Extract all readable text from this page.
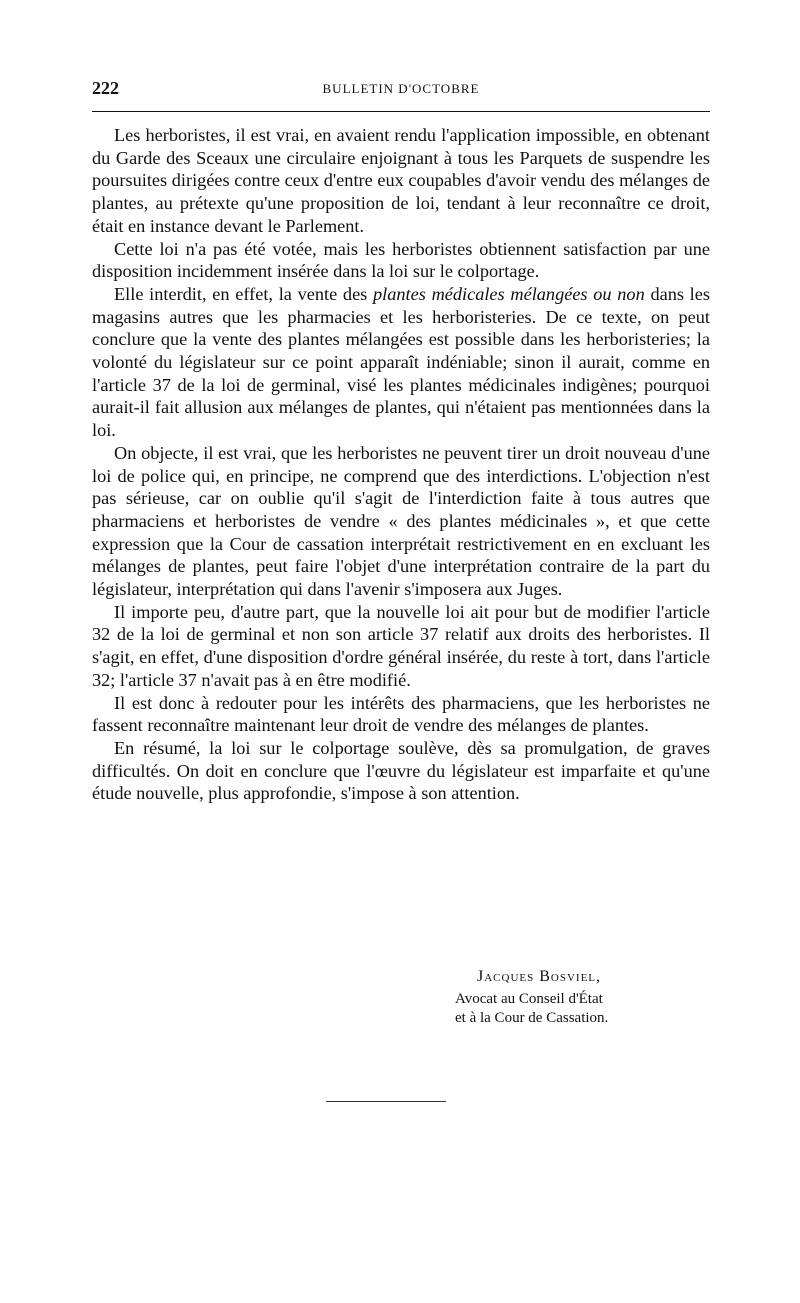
222	BULLETIN D'OCTOBRE

Les herboristes, il est vrai, en avaient rendu l'application impossible, en obtenant du Garde des Sceaux une circulaire enjoignant à tous les Parquets de suspendre les poursuites dirigées contre ceux d'entre eux coupables d'avoir vendu des mélanges de plantes, au prétexte qu'une proposition de loi, tendant à leur reconnaître ce droit, était en instance devant le Parlement.

Cette loi n'a pas été votée, mais les herboristes obtiennent satisfaction par une disposition incidemment insérée dans la loi sur le colportage.

Elle interdit, en effet, la vente des plantes médicales mélangées ou non dans les magasins autres que les pharmacies et les herboristeries. De ce texte, on peut conclure que la vente des plantes mélangées est possible dans les herboristeries; la volonté du législateur sur ce point apparaît indéniable; sinon il aurait, comme en l'article 37 de la loi de germinal, visé les plantes médicinales indigènes; pourquoi aurait-il fait allusion aux mélanges de plantes, qui n'étaient pas mentionnées dans la loi.

On objecte, il est vrai, que les herboristes ne peuvent tirer un droit nouveau d'une loi de police qui, en principe, ne comprend que des interdictions. L'objection n'est pas sérieuse, car on oublie qu'il s'agit de l'interdiction faite à tous autres que pharmaciens et herboristes de vendre « des plantes médicinales », et que cette expression que la Cour de cassation interprétait restrictivement en en excluant les mélanges de plantes, peut faire l'objet d'une interprétation contraire de la part du législateur, interprétation qui dans l'avenir s'imposera aux Juges.

Il importe peu, d'autre part, que la nouvelle loi ait pour but de modifier l'article 32 de la loi de germinal et non son article 37 relatif aux droits des herboristes. Il s'agit, en effet, d'une disposition d'ordre général insérée, du reste à tort, dans l'article 32; l'article 37 n'avait pas à en être modifié.

Il est donc à redouter pour les intérêts des pharmaciens, que les herboristes ne fassent reconnaître maintenant leur droit de vendre des mélanges de plantes.

En résumé, la loi sur le colportage soulève, dès sa promulgation, de graves difficultés. On doit en conclure que l'œuvre du législateur est imparfaite et qu'une étude nouvelle, plus approfondie, s'impose à son attention.

Jacques Bosviel,
Avocat au Conseil d'État
et à la Cour de Cassation.
